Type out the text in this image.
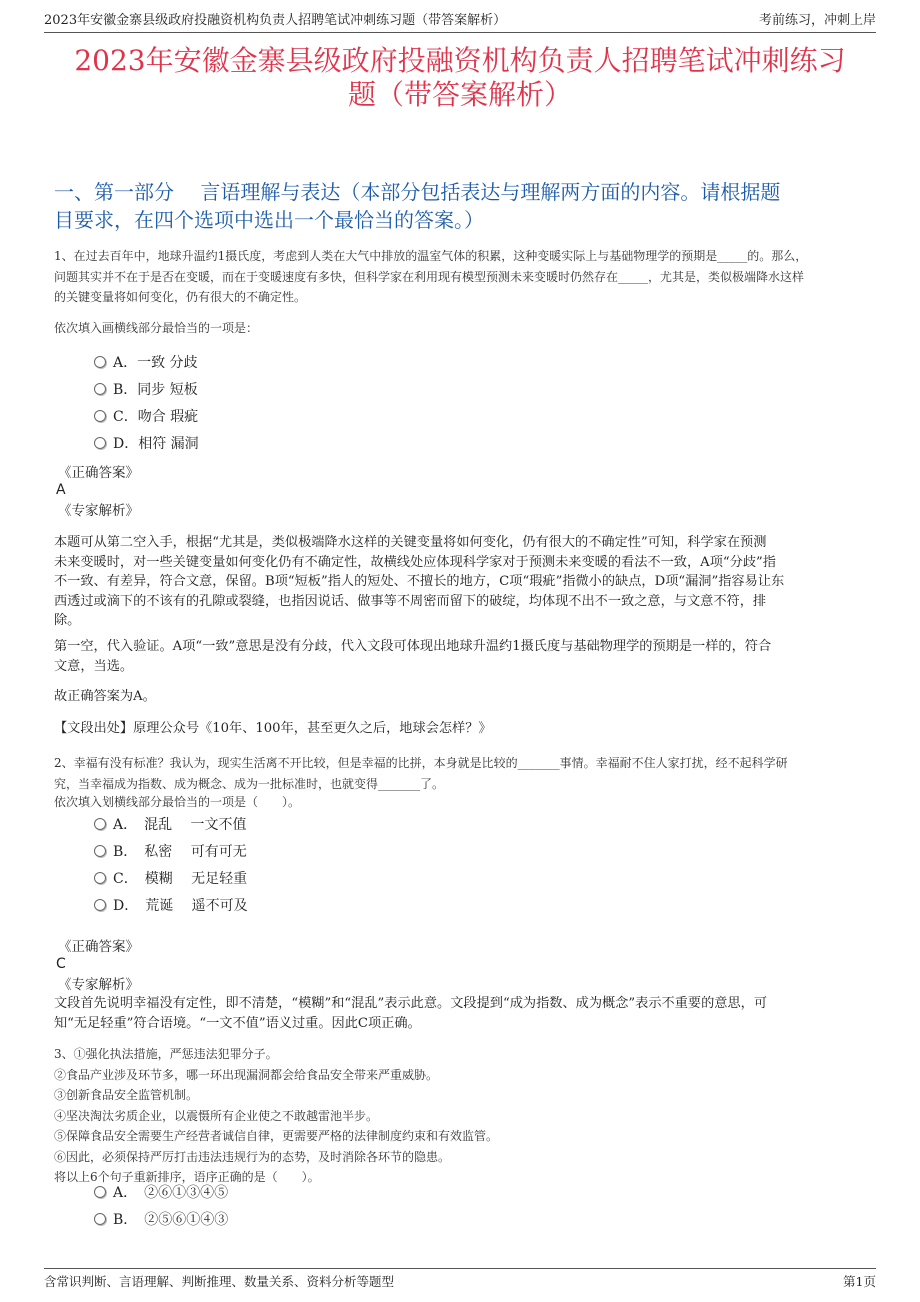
2023年安徽金寨县级政府投融资机构负责人招聘笔试冲刺练习题（带答案解析）	考前练习，冲刺上岸
2023年安徽金寨县级政府投融资机构负责人招聘笔试冲刺练习
题（带答案解析）
一、第一部分　 言语理解与表达（本部分包括表达与理解两方面的内容。请根据题
目要求，在四个选项中选出一个最恰当的答案。）
1、在过去百年中，地球升温约1摄氏度，考虑到人类在大气中排放的温室气体的积累，这种变暖实际上与基础物理学的预期是_____的。那么，
问题其实并不在于是否在变暖，而在于变暖速度有多快，但科学家在利用现有模型预测未来变暖时仍然存在_____，尤其是，类似极端降水这样
的关键变量将如何变化，仍有很大的不确定性。
依次填入画横线部分最恰当的一项是：
A．一致 分歧
B．同步 短板
C．吻合 瑕疵
D．相符 漏洞
《正确答案》
A
《专家解析》
本题可从第二空入手，根据“尤其是，类似极端降水这样的关键变量将如何变化，仍有很大的不确定性”可知，科学家在预测
未来变暖时，对一些关键变量如何变化仍有不确定性，故横线处应体现科学家对于预测未来变暖的看法不一致，A项“分歧”指
不一致、有差异，符合文意，保留。B项“短板”指人的短处、不擅长的地方，C项“瑕疵”指微小的缺点，D项“漏洞”指容易让东
西透过或滴下的不该有的孔隙或裂缝，也指因说话、做事等不周密而留下的破绽，均体现不出不一致之意，与文意不符，排
除。
第一空，代入验证。A项“一致”意思是没有分歧，代入文段可体现出地球升温约1摄氏度与基础物理学的预期是一样的，符合
文意，当选。
故正确答案为A。
【文段出处】原理公众号《10年、100年，甚至更久之后，地球会怎样？》
2、幸福有没有标准？我认为，现实生活离不开比较，但是幸福的比拼，本身就是比较的_______事情。幸福耐不住人家打扰，经不起科学研
究，当幸福成为指数、成为概念、成为一批标准时，也就变得_______了。
依次填入划横线部分最恰当的一项是（　　）。
A．　混乱　 一文不值
B．　私密　 可有可无
C．　模糊　 无足轻重
D．　荒诞　 遥不可及
《正确答案》
C
《专家解析》
文段首先说明幸福没有定性，即不清楚，“模糊”和“混乱”表示此意。文段提到“成为指数、成为概念”表示不重要的意思，可
知“无足轻重”符合语境。“一文不值”语义过重。因此C项正确。
3、①强化执法措施，严惩违法犯罪分子。
②食品产业涉及环节多，哪一环出现漏洞都会给食品安全带来严重威胁。
③创新食品安全监管机制。
④坚决淘汰劣质企业，以震慑所有企业使之不敢越雷池半步。
⑤保障食品安全需要生产经营者诚信自律，更需要严格的法律制度约束和有效监管。
⑥因此，必须保持严厉打击违法违规行为的态势，及时消除各环节的隐患。
将以上6个句子重新排序，语序正确的是（　　）。
A．　②⑥①③④⑤
B．　②⑤⑥①④③
含常识判断、言语理解、判断推理、数量关系、资料分析等题型	第1页
